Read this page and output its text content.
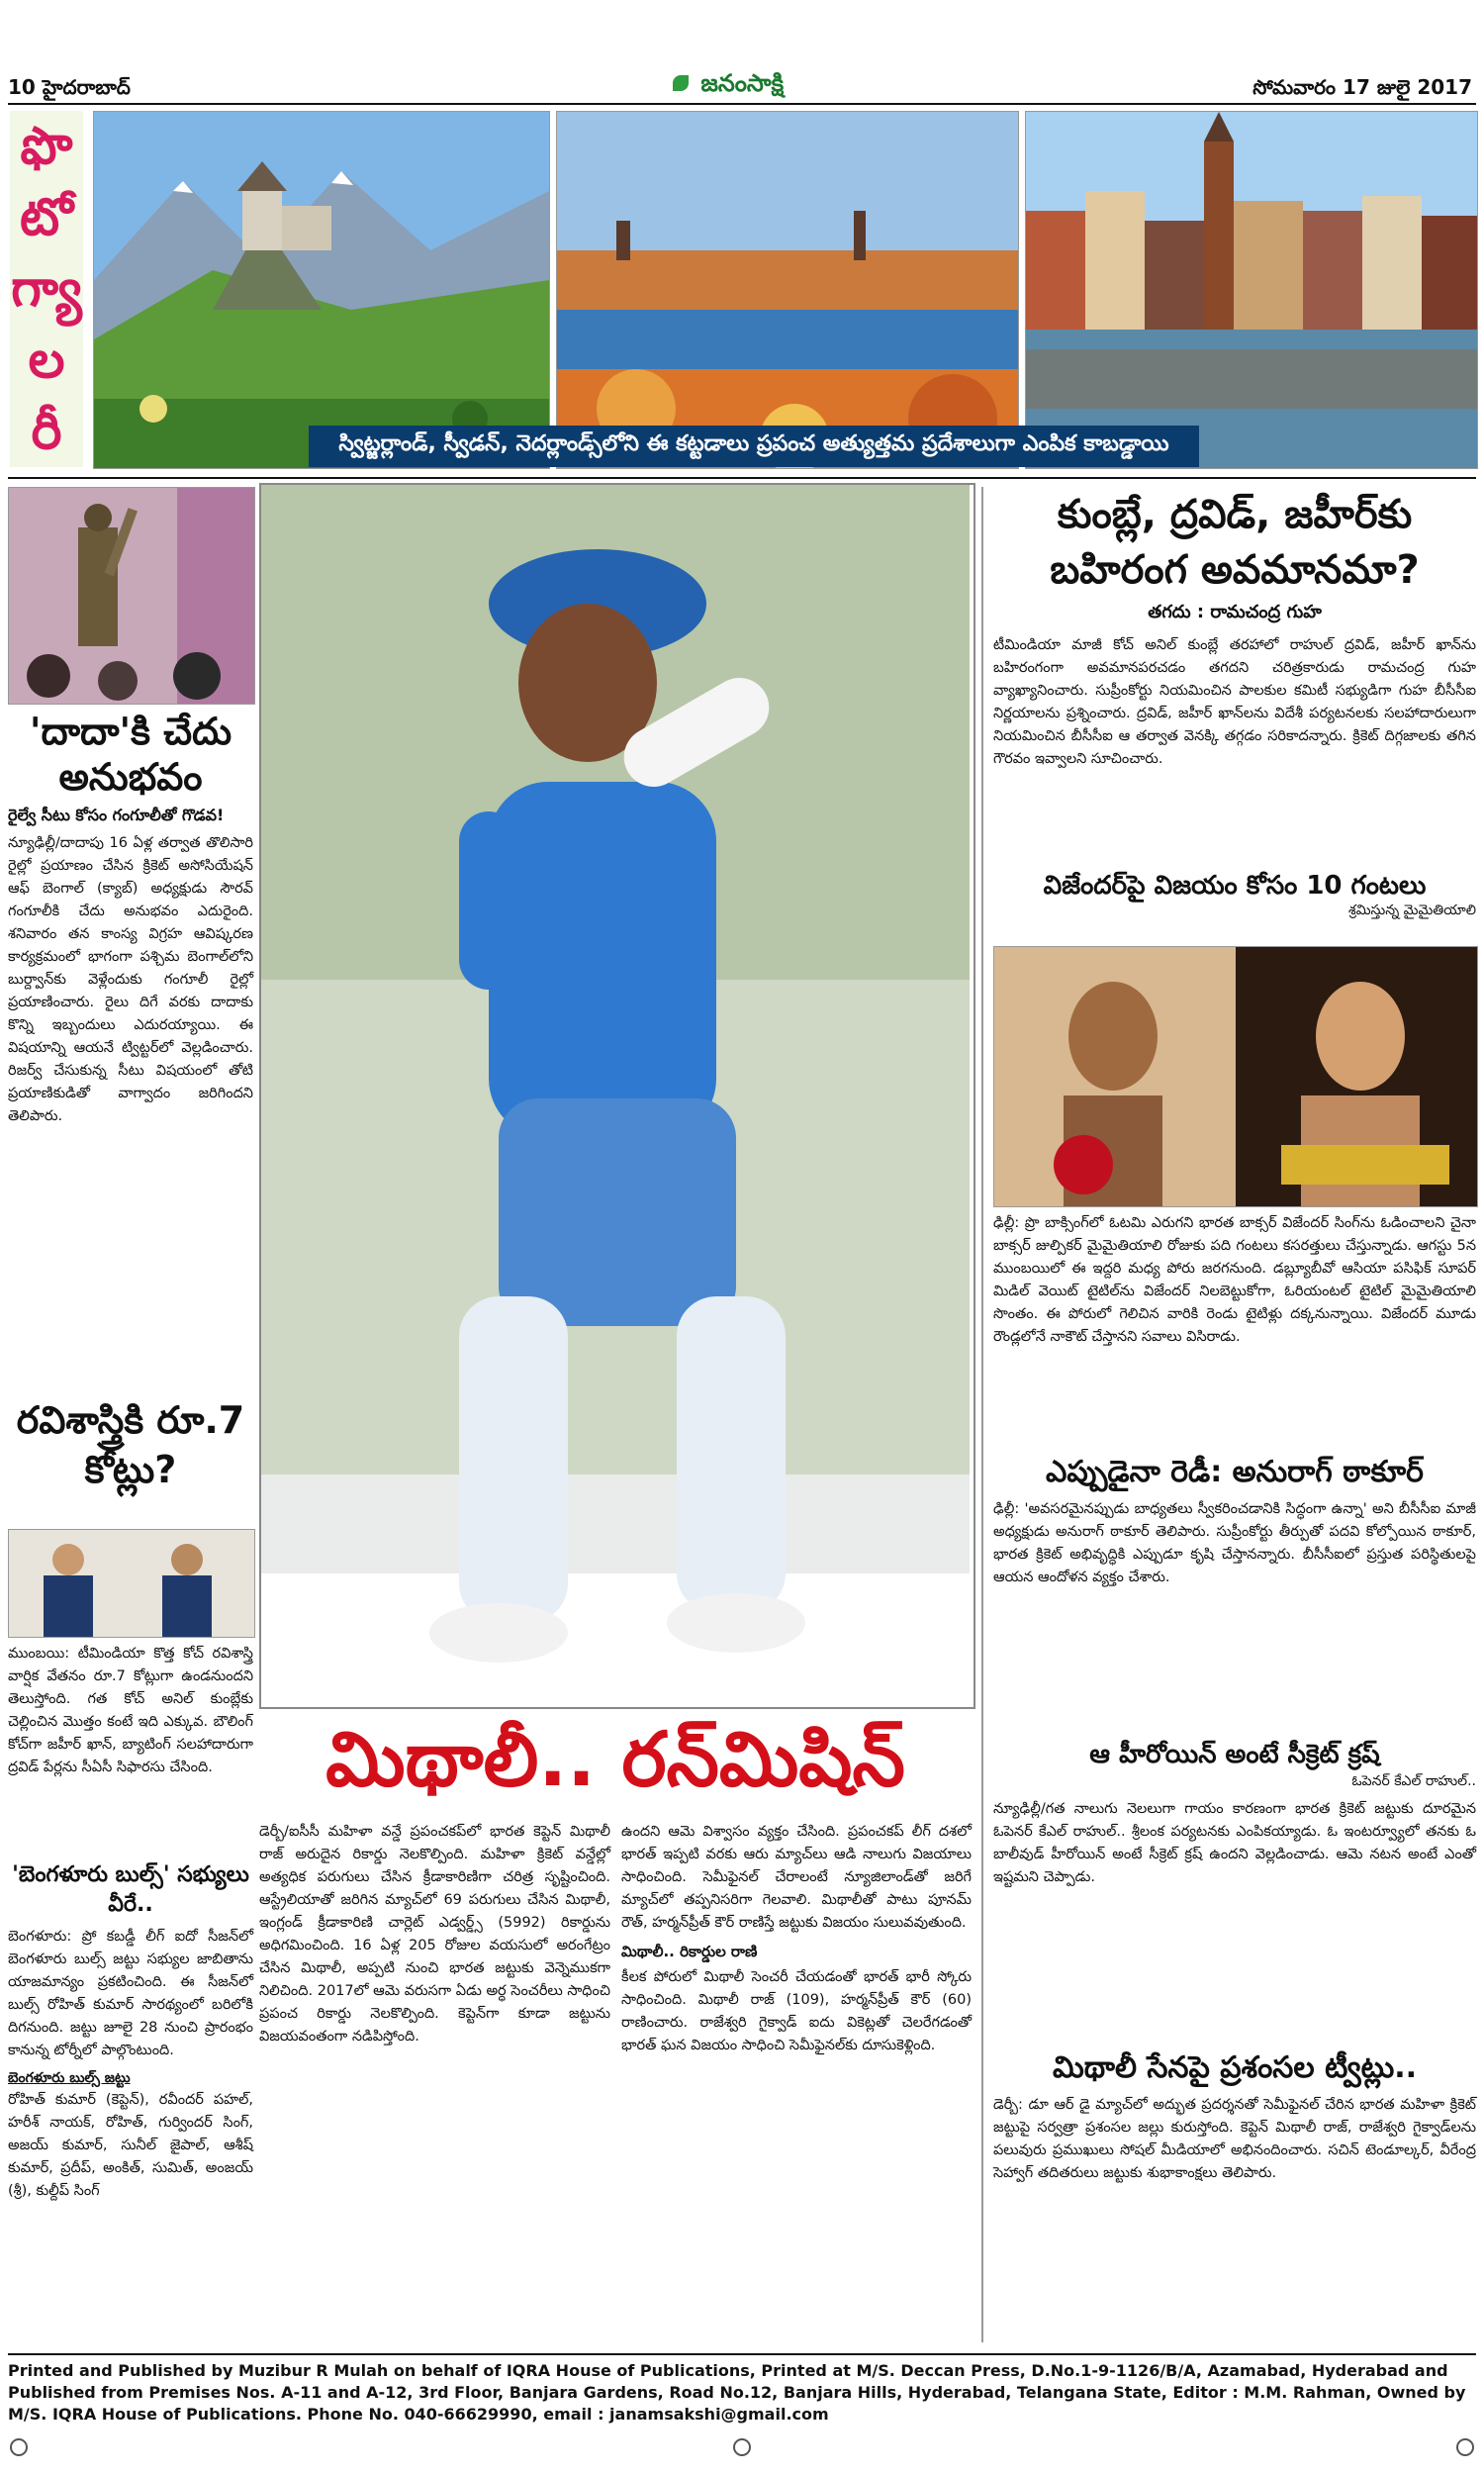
10 హైదరాబాద్	జనంసాక్షి	సోమవారం 17 జులై 2017
ఫొ
టో
గ్యా
ల
రీ	స్విట్జర్లాండ్, స్వీడన్, నెదర్లాండ్స్‌లోని ఈ కట్టడాలు ప్రపంచ అత్యుత్తమ ప్రదేశాలుగా ఎంపిక కాబడ్డాయి
'దాదా'కి చేదు అనుభవం
రైల్వే సీటు కోసం గంగూలీతో గొడవ!
న్యూఢిల్లీ/దాదాపు 16 ఏళ్ల తర్వాత తొలిసారి రైల్లో ప్రయాణం చేసిన క్రికెట్ అసోసియేషన్ ఆఫ్ బెంగాల్ (క్యాబ్) అధ్యక్షుడు సౌరవ్ గంగూలీకి చేదు అనుభవం ఎదురైంది. శనివారం తన కాంస్య విగ్రహ ఆవిష్కరణ కార్యక్రమంలో భాగంగా పశ్చిమ బెంగాల్‌లోని బుర్ద్వాన్‌కు వెళ్లేందుకు గంగూలీ రైల్లో ప్రయాణించారు. రైలు దిగే వరకు దాదాకు కొన్ని ఇబ్బందులు ఎదురయ్యాయి. ఈ విషయాన్ని ఆయనే ట్విట్టర్‌లో వెల్లడించారు. రిజర్వ్ చేసుకున్న సీటు విషయంలో తోటి ప్రయాణికుడితో వాగ్వాదం జరిగిందని తెలిపారు.
రవిశాస్త్రికి రూ.7 కోట్లు?
ముంబయి: టీమిండియా కొత్త కోచ్ రవిశాస్త్రి వార్షిక వేతనం రూ.7 కోట్లుగా ఉండనుందని తెలుస్తోంది. గత కోచ్ అనిల్ కుంబ్లేకు చెల్లించిన మొత్తం కంటే ఇది ఎక్కువ. బౌలింగ్ కోచ్‌గా జహీర్ ఖాన్, బ్యాటింగ్ సలహాదారుగా ద్రవిడ్ పేర్లను సీఏసీ సిఫారసు చేసింది.
'బెంగళూరు బుల్స్' సభ్యులు వీరే..
బెంగళూరు: ప్రో కబడ్డీ లీగ్ ఐదో సీజన్‌లో బెంగళూరు బుల్స్ జట్టు సభ్యుల జాబితాను యాజమాన్యం ప్రకటించింది. ఈ సీజన్‌లో బుల్స్ రోహిత్ కుమార్ సారథ్యంలో బరిలోకి దిగనుంది. జట్టు జూలై 28 నుంచి ప్రారంభం కానున్న టోర్నీలో పాల్గొంటుంది.
బెంగళూరు బుల్స్ జట్టు
రోహిత్ కుమార్ (కెప్టెన్), రవీందర్ పహల్, హరీశ్ నాయక్, రోహిత్, గుర్విందర్ సింగ్, అజయ్ కుమార్, సునీల్ జైపాల్, ఆశీష్ కుమార్, ప్రదీప్, అంకిత్, సుమిత్, అంజయ్ (శ్రీ), కుల్దీప్ సింగ్
మిథాలీ.. రన్‌మిషిన్
డెర్బీ/ఐసీసీ మహిళా వన్డే ప్రపంచకప్‌లో భారత కెప్టెన్ మిథాలీ రాజ్ అరుదైన రికార్డు నెలకొల్పింది. మహిళా క్రికెట్ వన్డేల్లో అత్యధిక పరుగులు చేసిన క్రీడాకారిణిగా చరిత్ర సృష్టించింది. ఆస్ట్రేలియాతో జరిగిన మ్యాచ్‌లో 69 పరుగులు చేసిన మిథాలీ, ఇంగ్లండ్ క్రీడాకారిణి చార్లెట్ ఎడ్వర్డ్స్ (5992) రికార్డును అధిగమించింది. 16 ఏళ్ల 205 రోజుల వయసులో అరంగేట్రం చేసిన మిథాలీ, అప్పటి నుంచి భారత జట్టుకు వెన్నెముకగా నిలిచింది. 2017లో ఆమె వరుసగా ఏడు అర్ధ సెంచరీలు సాధించి ప్రపంచ రికార్డు నెలకొల్పింది. కెప్టెన్‌గా కూడా జట్టును విజయవంతంగా నడిపిస్తోంది.
ఉందని ఆమె విశ్వాసం వ్యక్తం చేసింది. ప్రపంచకప్ లీగ్ దశలో భారత్ ఇప్పటి వరకు ఆరు మ్యాచ్‌లు ఆడి నాలుగు విజయాలు సాధించింది. సెమీఫైనల్ చేరాలంటే న్యూజిలాండ్‌తో జరిగే మ్యాచ్‌లో తప్పనిసరిగా గెలవాలి. మిథాలీతో పాటు పూనమ్ రౌత్, హర్మన్‌ప్రీత్ కౌర్ రాణిస్తే జట్టుకు విజయం సులువవుతుంది.
మిథాలీ.. రికార్డుల రాణి
కీలక పోరులో మిథాలీ సెంచరీ చేయడంతో భారత్ భారీ స్కోరు సాధించింది. మిథాలీ రాజ్ (109), హర్మన్‌ప్రీత్ కౌర్ (60) రాణించారు. రాజేశ్వరి గైక్వాడ్ ఐదు వికెట్లతో చెలరేగడంతో భారత్ ఘన విజయం సాధించి సెమీఫైనల్‌కు దూసుకెళ్లింది.
కుంబ్లే, ద్రవిడ్, జహీర్‌కు బహిరంగ అవమానమా?
తగదు : రామచంద్ర గుహ
టీమిండియా మాజీ కోచ్ అనిల్ కుంబ్లే తరహాలో రాహుల్ ద్రవిడ్, జహీర్ ఖాన్‌ను బహిరంగంగా అవమానపరచడం తగదని చరిత్రకారుడు రామచంద్ర గుహ వ్యాఖ్యానించారు. సుప్రీంకోర్టు నియమించిన పాలకుల కమిటీ సభ్యుడిగా గుహ బీసీసీఐ నిర్ణయాలను ప్రశ్నించారు. ద్రవిడ్, జహీర్ ఖాన్‌లను విదేశీ పర్యటనలకు సలహాదారులుగా నియమించిన బీసీసీఐ ఆ తర్వాత వెనక్కి తగ్గడం సరికాదన్నారు. క్రికెట్ దిగ్గజాలకు తగిన గౌరవం ఇవ్వాలని సూచించారు.
విజేందర్‌పై విజయం కోసం 10 గంటలు
శ్రమిస్తున్న మైమైతియాలి
ఢిల్లీ: ప్రొ బాక్సింగ్‌లో ఓటమి ఎరుగని భారత బాక్సర్ విజేందర్ సింగ్‌ను ఓడించాలని చైనా బాక్సర్ జుల్పికర్ మైమైతియాలి రోజుకు పది గంటలు కసరత్తులు చేస్తున్నాడు. ఆగస్టు 5న ముంబయిలో ఈ ఇద్దరి మధ్య పోరు జరగనుంది. డబ్ల్యూబీవో ఆసియా పసిఫిక్ సూపర్ మిడిల్ వెయిట్ టైటిల్‌ను విజేందర్ నిలబెట్టుకోగా, ఓరియంటల్ టైటిల్ మైమైతియాలి సొంతం. ఈ పోరులో గెలిచిన వారికి రెండు టైటిళ్లు దక్కనున్నాయి. విజేందర్ మూడు రౌండ్లలోనే నాకౌట్ చేస్తానని సవాలు విసిరాడు.
ఎప్పుడైనా రెడీ: అనురాగ్ ఠాకూర్
ఢిల్లీ: 'అవసరమైనప్పుడు బాధ్యతలు స్వీకరించడానికి సిద్ధంగా ఉన్నా' అని బీసీసీఐ మాజీ అధ్యక్షుడు అనురాగ్ ఠాకూర్ తెలిపారు. సుప్రీంకోర్టు తీర్పుతో పదవి కోల్పోయిన ఠాకూర్, భారత క్రికెట్ అభివృద్ధికి ఎప్పుడూ కృషి చేస్తానన్నారు. బీసీసీఐలో ప్రస్తుత పరిస్థితులపై ఆయన ఆందోళన వ్యక్తం చేశారు.
ఆ హీరోయిన్ అంటే సీక్రెట్ క్రష్
ఓపెనర్ కేఎల్ రాహుల్..
న్యూఢిల్లీ/గత నాలుగు నెలలుగా గాయం కారణంగా భారత క్రికెట్ జట్టుకు దూరమైన ఓపెనర్ కేఎల్ రాహుల్.. శ్రీలంక పర్యటనకు ఎంపికయ్యాడు. ఓ ఇంటర్వ్యూలో తనకు ఓ బాలీవుడ్ హీరోయిన్ అంటే సీక్రెట్ క్రష్ ఉందని వెల్లడించాడు. ఆమె నటన అంటే ఎంతో ఇష్టమని చెప్పాడు.
మిథాలీ సేనపై ప్రశంసల ట్వీట్లు..
డెర్బీ: డూ ఆర్ డై మ్యాచ్‌లో అద్భుత ప్రదర్శనతో సెమీఫైనల్ చేరిన భారత మహిళా క్రికెట్ జట్టుపై సర్వత్రా ప్రశంసల జల్లు కురుస్తోంది. కెప్టెన్ మిథాలీ రాజ్, రాజేశ్వరి గైక్వాడ్‌లను పలువురు ప్రముఖులు సోషల్ మీడియాలో అభినందించారు. సచిన్ టెండూల్కర్, వీరేంద్ర సెహ్వాగ్ తదితరులు జట్టుకు శుభాకాంక్షలు తెలిపారు.
Printed and Published by Muzibur R Mulah on behalf of IQRA House of Publications, Printed at M/S. Deccan Press, D.No.1-9-1126/B/A, Azamabad, Hyderabad and Published from Premises Nos. A-11 and A-12, 3rd Floor, Banjara Gardens, Road No.12, Banjara Hills, Hyderabad, Telangana State, Editor : M.M. Rahman, Owned by M/S. IQRA House of Publications. Phone No. 040-66629990, email : janamsakshi@gmail.com
